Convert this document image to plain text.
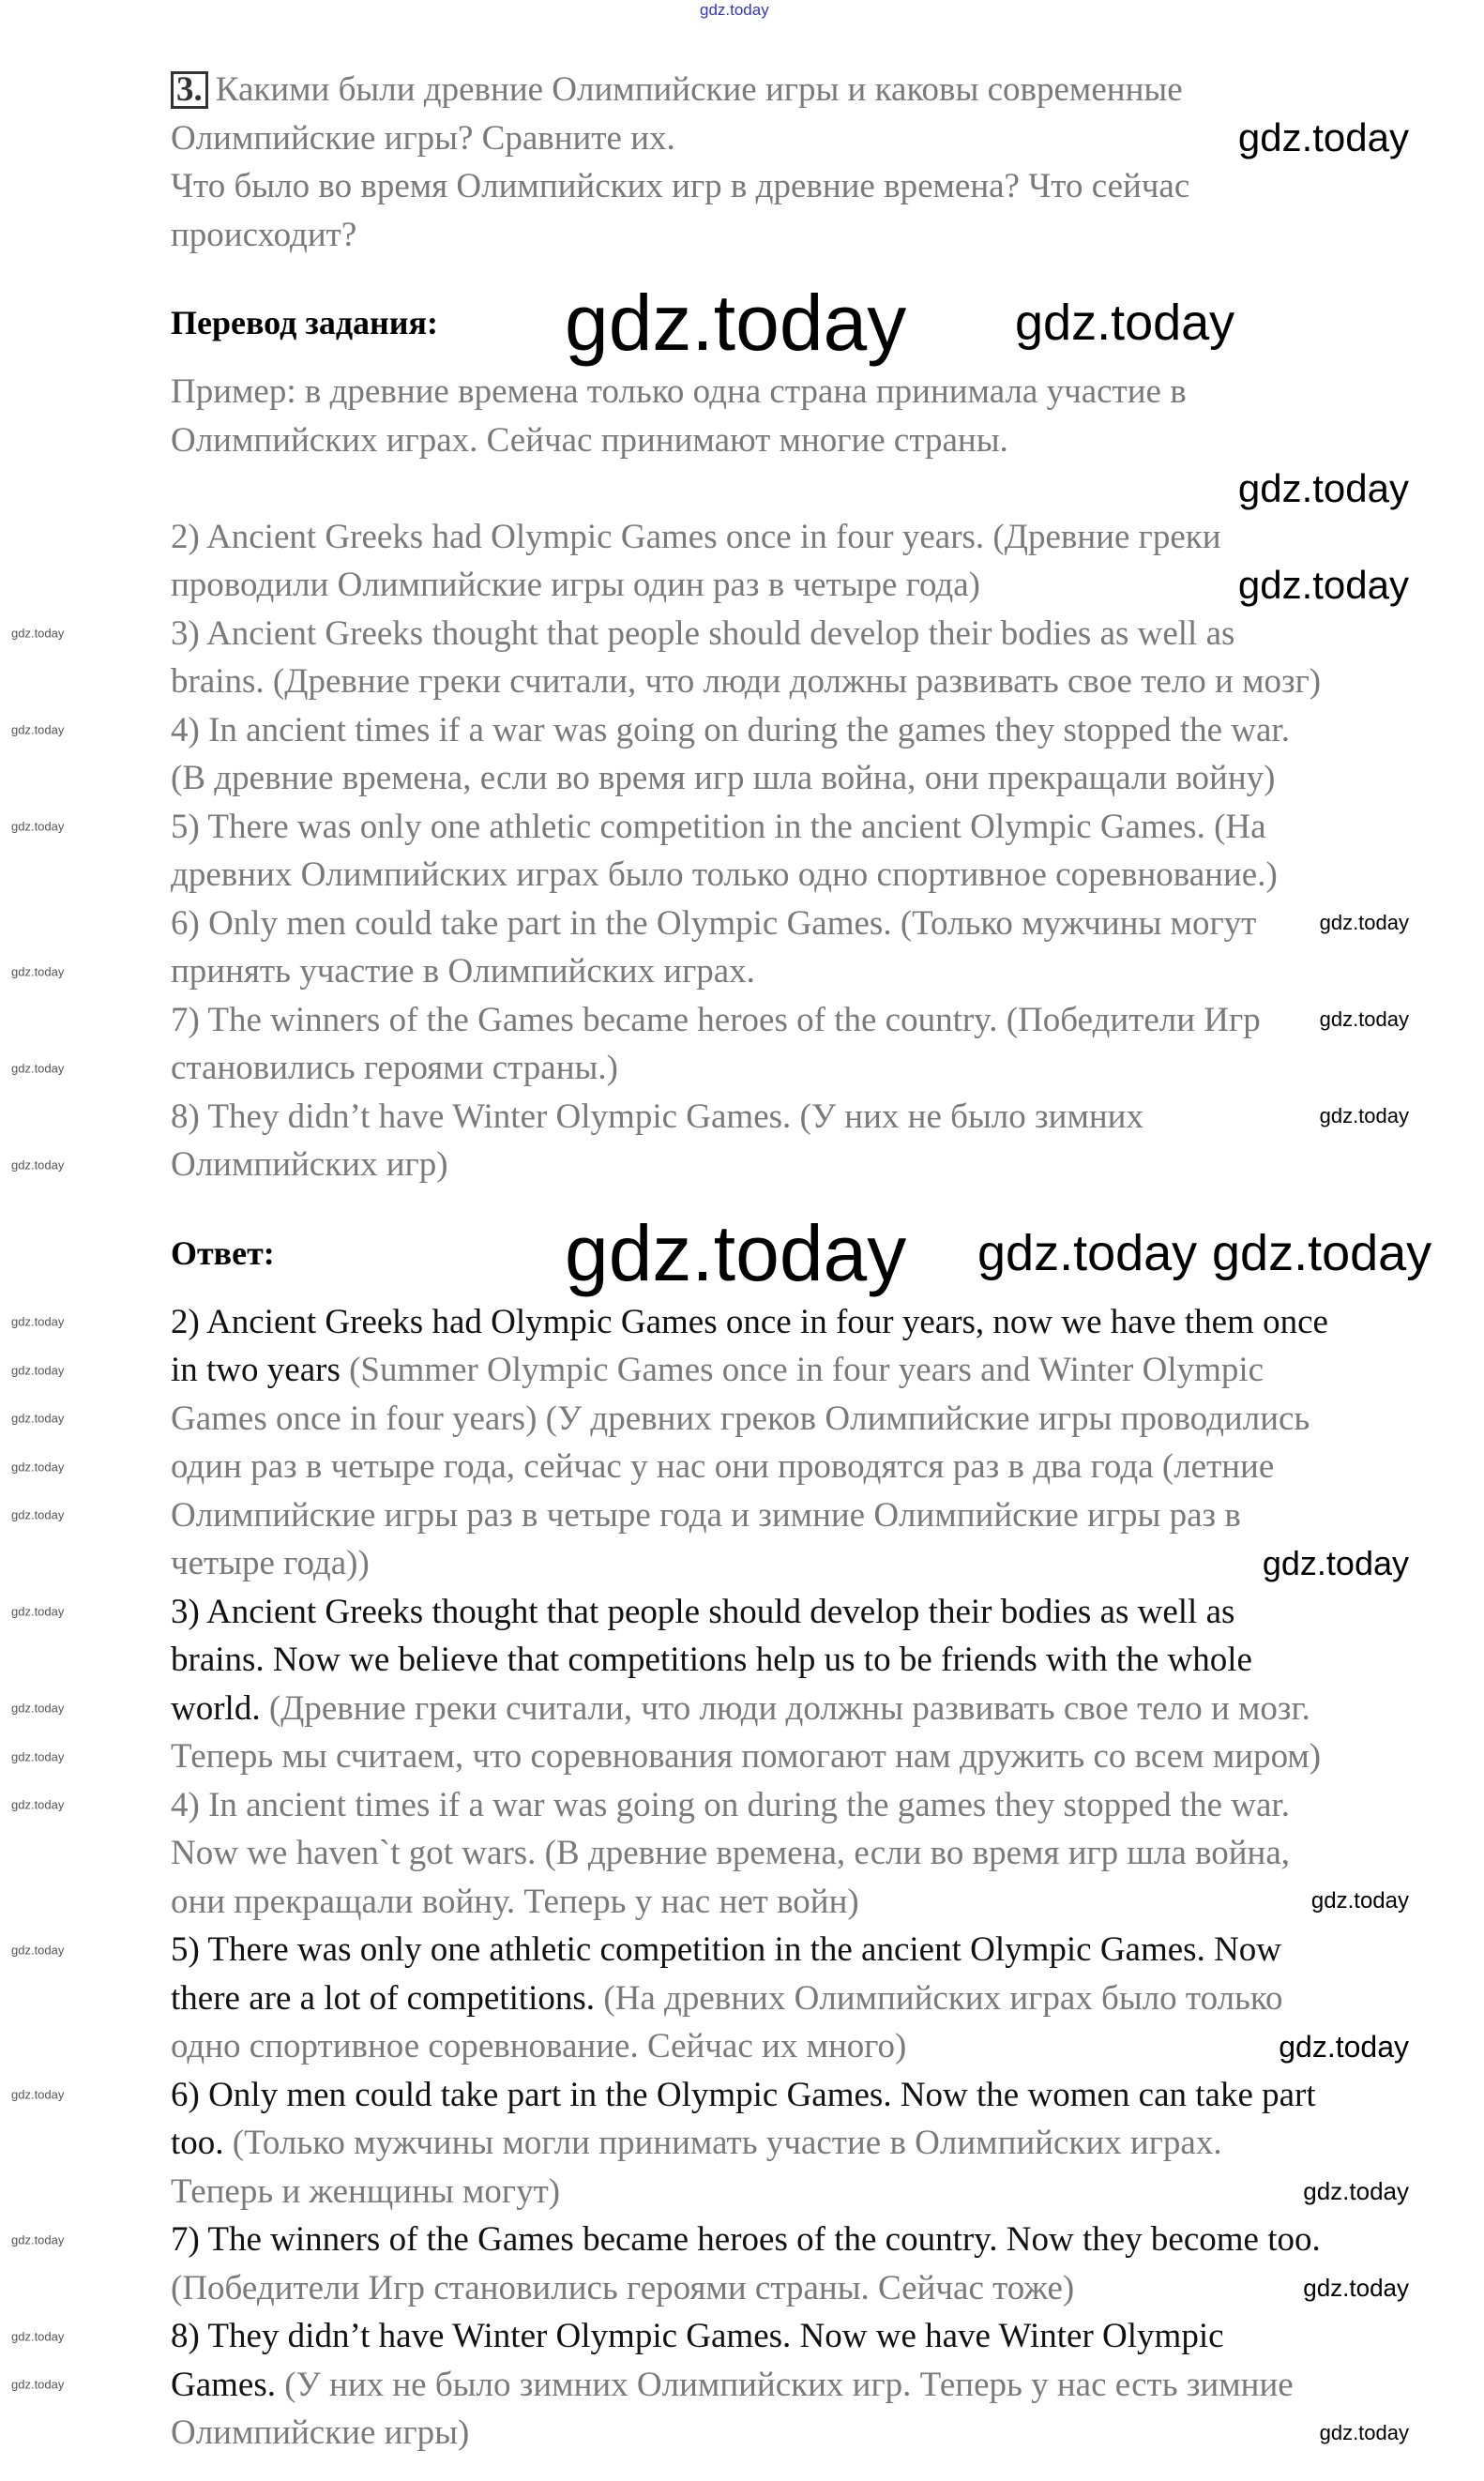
gdz.today
3. Какими были древние Олимпийские игры и каковы современные
Олимпийские игры? Сравните их.	gdz.today
Что было во время Олимпийских игр в древние времена? Что сейчас
происходит?
Перевод задания: gdz.today gdz.today
Пример: в древние времена только одна страна принимала участие в
Олимпийских играх. Сейчас принимают многие страны.
gdz.today
2) Ancient Greeks had Olympic Games once in four years. (Древние греки
проводили Олимпийские игры один раз в четыре года)	gdz.today
3) Ancient Greeks thought that people should develop their bodies as well as
gdz.today
brains. (Древние греки считали, что люди должны развивать свое тело и мозг)
4) In ancient times if a war was going on during the games they stopped the war.
gdz.today
(В древние времена, если во время игр шла война, они прекращали войну)
5) There was only one athletic competition in the ancient Olympic Games. (На
gdz.today
древних Олимпийских играх было только одно спортивное соревнование.)
6) Only men could take part in the Olympic Games. (Только мужчины могут	gdz.today
принять участие в Олимпийских играх.
gdz.today
7) The winners of the Games became heroes of the country. (Победители Игр	gdz.today
становились героями страны.)
gdz.today
8) They didn’t have Winter Olympic Games. (У них не было зимних	gdz.today
Олимпийских игр)
gdz.today
Ответ:	gdz.today gdz.today gdz.today
2) Ancient Greeks had Olympic Games once in four years, now we have them once
gdz.today
in two years (Summer Olympic Games once in four years and Winter Olympic
gdz.today
Games once in four years) (У древних греков Олимпийские игры проводились
gdz.today
один раз в четыре года, сейчас у нас они проводятся раз в два года (летние
gdz.today
Олимпийские игры раз в четыре года и зимние Олимпийские игры раз в
gdz.today
четыре года))	gdz.today
3) Ancient Greeks thought that people should develop their bodies as well as
gdz.today
brains. Now we believe that competitions help us to be friends with the whole
world. (Древние греки считали, что люди должны развивать свое тело и мозг.
gdz.today
Теперь мы считаем, что соревнования помогают нам дружить со всем миром)
gdz.today
4) In ancient times if a war was going on during the games they stopped the war.
gdz.today
Now we haven`t got wars. (В древние времена, если во время игр шла война,
они прекращали войну. Теперь у нас нет войн)	gdz.today
5) There was only one athletic competition in the ancient Olympic Games. Now
gdz.today
there are a lot of competitions. (На древних Олимпийских играх было только
одно спортивное соревнование. Сейчас их много)	gdz.today
6) Only men could take part in the Olympic Games. Now the women can take part
gdz.today
too. (Только мужчины могли принимать участие в Олимпийских играх.
Теперь и женщины могут)	gdz.today
7) The winners of the Games became heroes of the country. Now they become too.
gdz.today
(Победители Игр становились героями страны. Сейчас тоже)	gdz.today
8) They didn’t have Winter Olympic Games. Now we have Winter Olympic
gdz.today
Games. (У них не было зимних Олимпийских игр. Теперь у нас есть зимние
gdz.today
Олимпийские игры)	gdz.today
